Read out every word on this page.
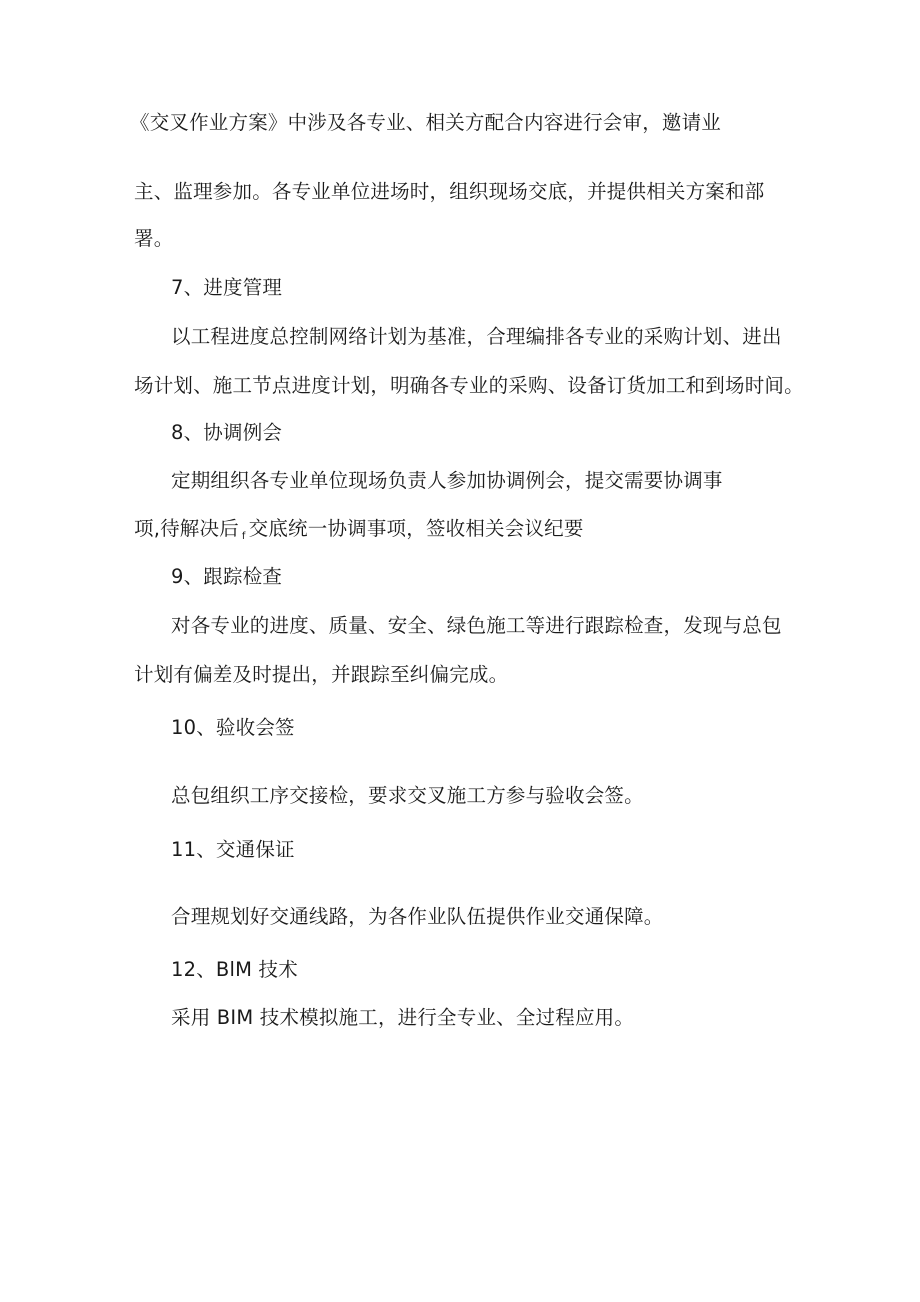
《交叉作业方案》中涉及各专业、相关方配合内容进行会审，邀请业
主、监理参加。各专业单位进场时，组织现场交底，并提供相关方案和部
署。
7、进度管理
以工程进度总控制网络计划为基准，合理编排各专业的采购计划、进出
场计划、施工节点进度计划，明确各专业的采购、设备订货加工和到场时间。
8、协调例会
定期组织各专业单位现场负责人参加协调例会，提交需要协调事
项,待解决后 $_f$ 交底统一协调事项，签收相关会议纪要
9、跟踪检查
对各专业的进度、质量、安全、绿色施工等进行跟踪检查，发现与总包
计划有偏差及时提出，并跟踪至纠偏完成。
10、验收会签
总包组织工序交接检，要求交叉施工方参与验收会签。
11、交通保证
合理规划好交通线路，为各作业队伍提供作业交通保障。
12、BlM 技术
采用 BIM 技术模拟施工，进行全专业、全过程应用。
